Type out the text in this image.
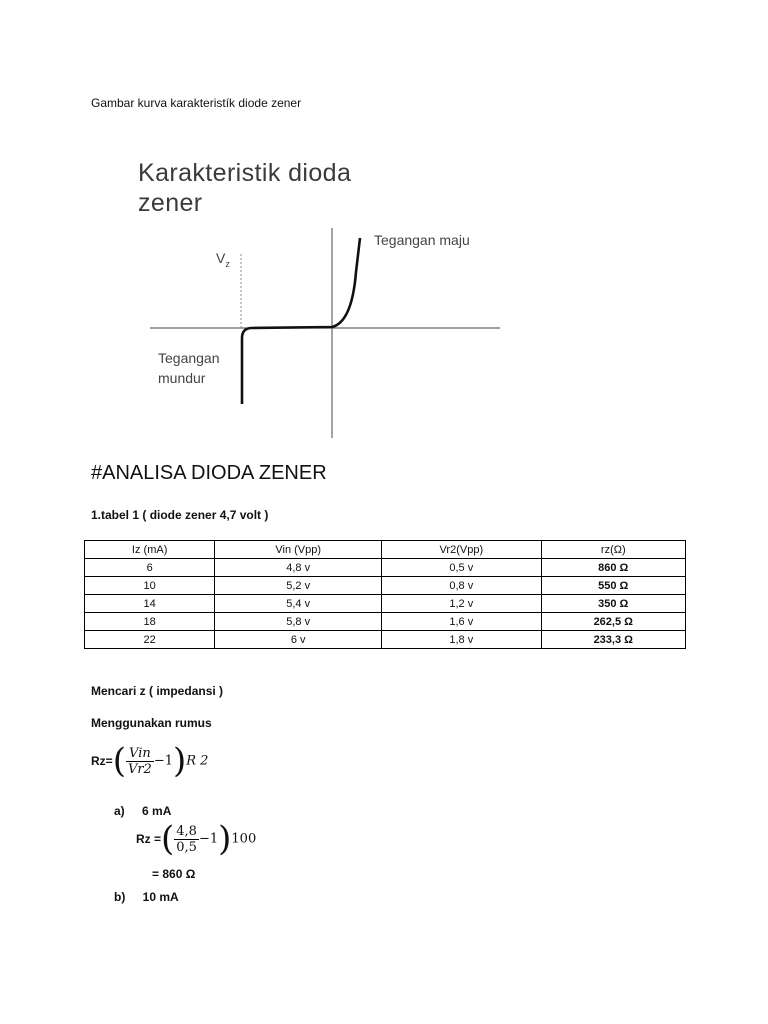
Gambar kurva karakteristík diode zener
Karakteristik dioda
zener
$V_z$
Tegangan maju
Tegangan
mundur
#ANALISA DIODA ZENER
1.tabel 1 ( diode zener 4,7 volt )
Iz (mA)	Vin (Vpp)	Vr2(Vpp)	rz(Ω)
6	4,8 v	0,5 v	860 Ω
10	5,2 v	0,8 v	550 Ω
14	5,4 v	1,2 v	350 Ω
18	5,8 v	1,6 v	262,5 Ω
22	6 v	1,8 v	233,3 Ω
Mencari z ( impedansi )
Menggunakan rumus
$Rz=( \frac{\text{Vin}}{Vr2} -1)R$ 2
a) 6 mA
Rz =( $\frac{4,8}{0,5} -1)100$
= 860 Ω
b) 10 mA
